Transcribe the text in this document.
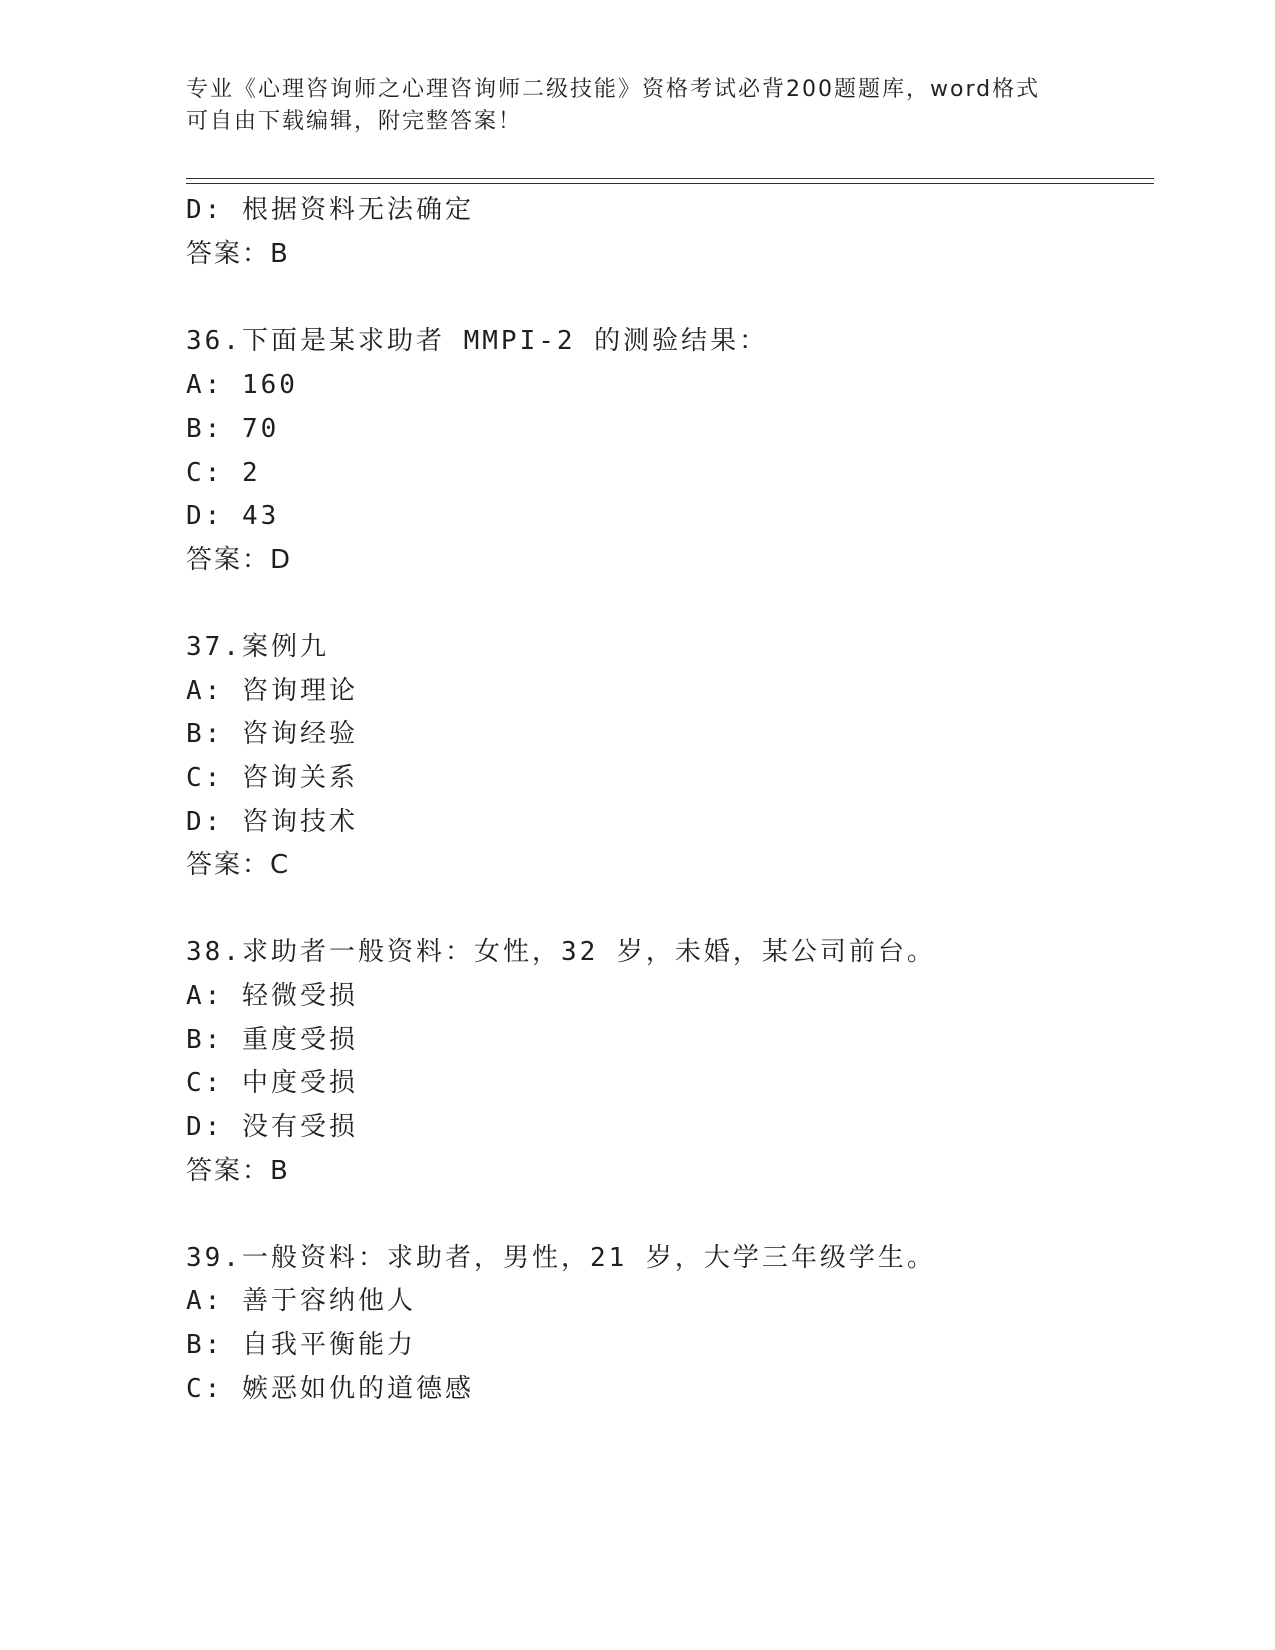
专业《心理咨询师之心理咨询师二级技能》资格考试必背200题题库，word格式
可自由下载编辑，附完整答案！
D: 根据资料无法确定
答案：B
36.下面是某求助者 MMPI-2 的测验结果：
A: 160
B: 70
C: 2
D: 43
答案：D
37.案例九
A: 咨询理论
B: 咨询经验
C: 咨询关系
D: 咨询技术
答案：C
38.求助者一般资料：女性，32 岁，未婚，某公司前台。
A: 轻微受损
B: 重度受损
C: 中度受损
D: 没有受损
答案：B
39.一般资料：求助者，男性，21 岁，大学三年级学生。
A: 善于容纳他人
B: 自我平衡能力
C: 嫉恶如仇的道德感
